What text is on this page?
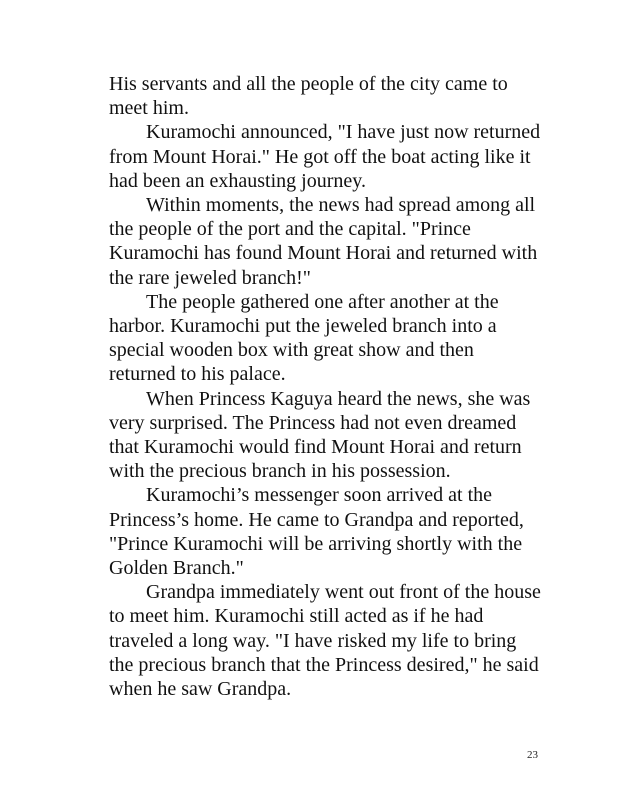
His servants and all the people of the city came to
meet him.
Kuramochi announced, "I have just now returned
from Mount Horai." He got off the boat acting like it
had been an exhausting journey.
Within moments, the news had spread among all
the people of the port and the capital. "Prince
Kuramochi has found Mount Horai and returned with
the rare jeweled branch!"
The people gathered one after another at the
harbor. Kuramochi put the jeweled branch into a
special wooden box with great show and then
returned to his palace.
When Princess Kaguya heard the news, she was
very surprised. The Princess had not even dreamed
that Kuramochi would find Mount Horai and return
with the precious branch in his possession.
Kuramochi’s messenger soon arrived at the
Princess’s home. He came to Grandpa and reported,
"Prince Kuramochi will be arriving shortly with the
Golden Branch."
Grandpa immediately went out front of the house
to meet him. Kuramochi still acted as if he had
traveled a long way. "I have risked my life to bring
the precious branch that the Princess desired," he said
when he saw Grandpa.
23
